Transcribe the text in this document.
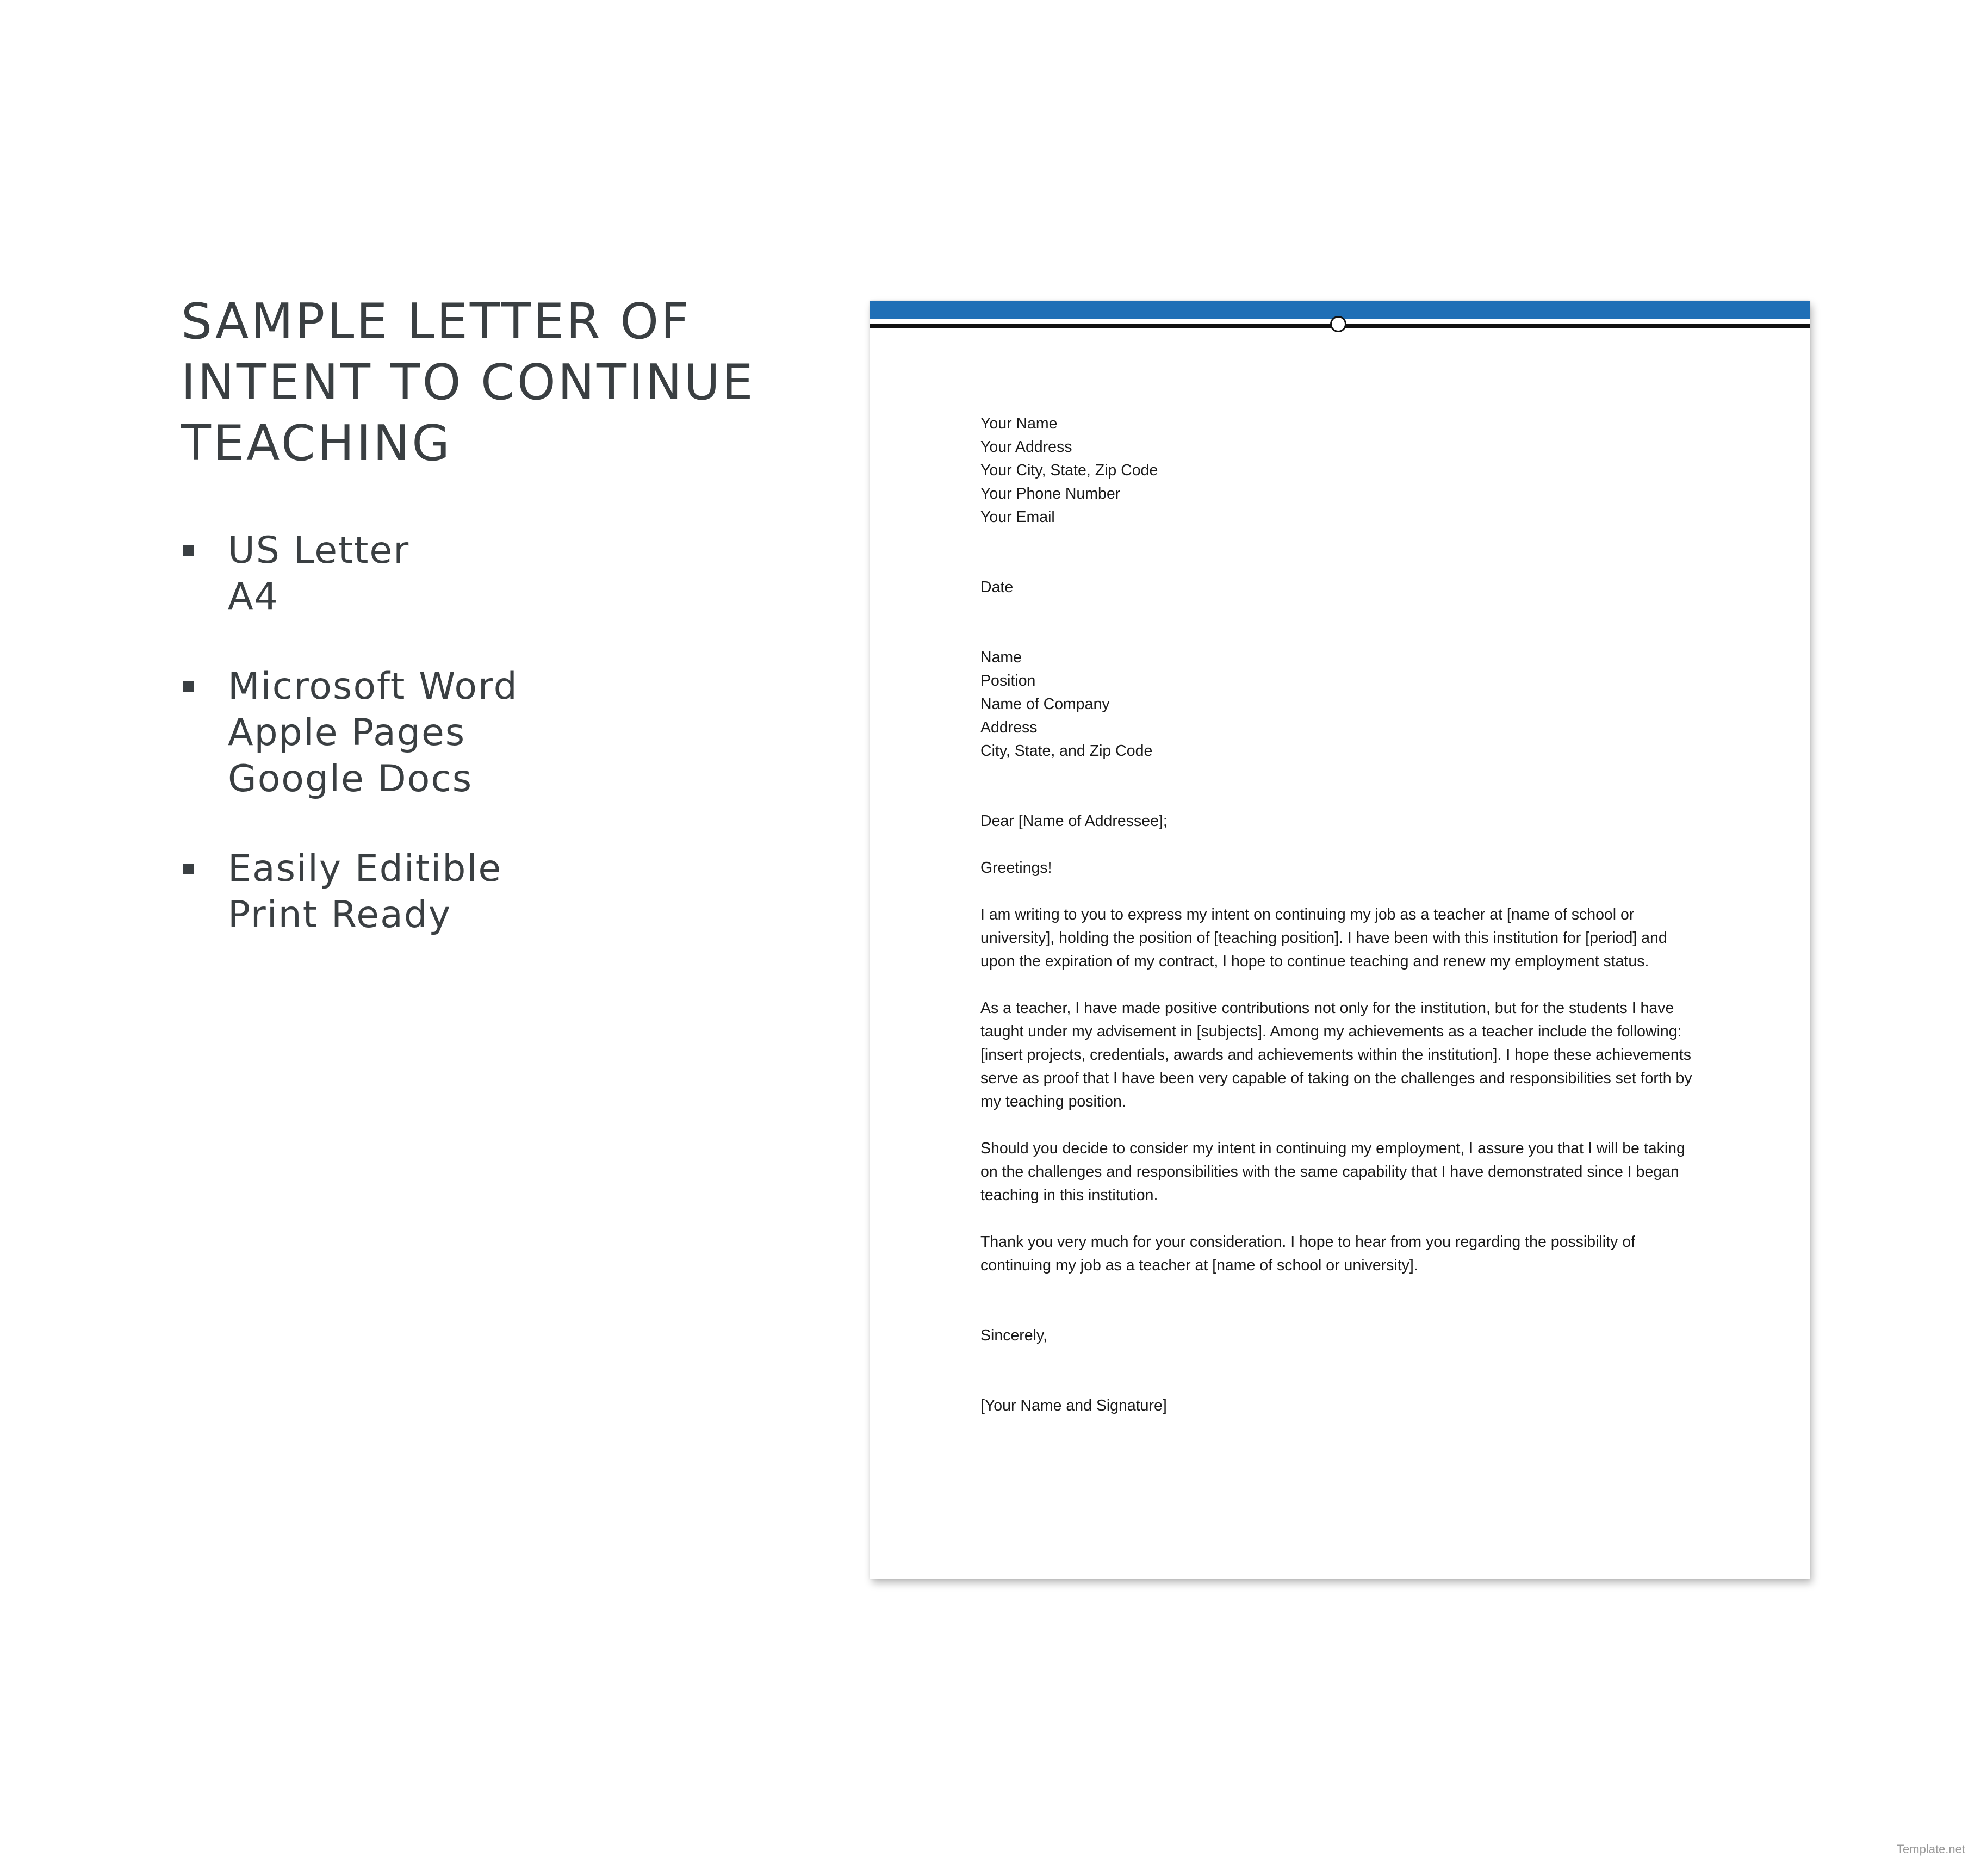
SAMPLE LETTER OF INTENT TO CONTINUE TEACHING
US Letter
A4
Microsoft Word
Apple Pages
Google Docs
Easily Editible
Print Ready
Your Name
Your Address
Your City, State, Zip Code
Your Phone Number
Your Email
Date
Name
Position
Name of Company
Address
City, State, and Zip Code

Dear [Name of Addressee];

Greetings!

I am writing to you to express my intent on continuing my job as a teacher at [name of school or university], holding the position of [teaching position]. I have been with this institution for [period] and upon the expiration of my contract, I hope to continue teaching and renew my employment status.

As a teacher, I have made positive contributions not only for the institution, but for the students I have taught under my advisement in [subjects]. Among my achievements as a teacher include the following: [insert projects, credentials, awards and achievements within the institution]. I hope these achievements serve as proof that I have been very capable of taking on the challenges and responsibilities set forth by my teaching position.

Should you decide to consider my intent in continuing my employment, I assure you that I will be taking on the challenges and responsibilities with the same capability that I have demonstrated since I began teaching in this institution.

Thank you very much for your consideration. I hope to hear from you regarding the possibility of continuing my job as a teacher at [name of school or university].

Sincerely,

[Your Name and Signature]

Template.net
